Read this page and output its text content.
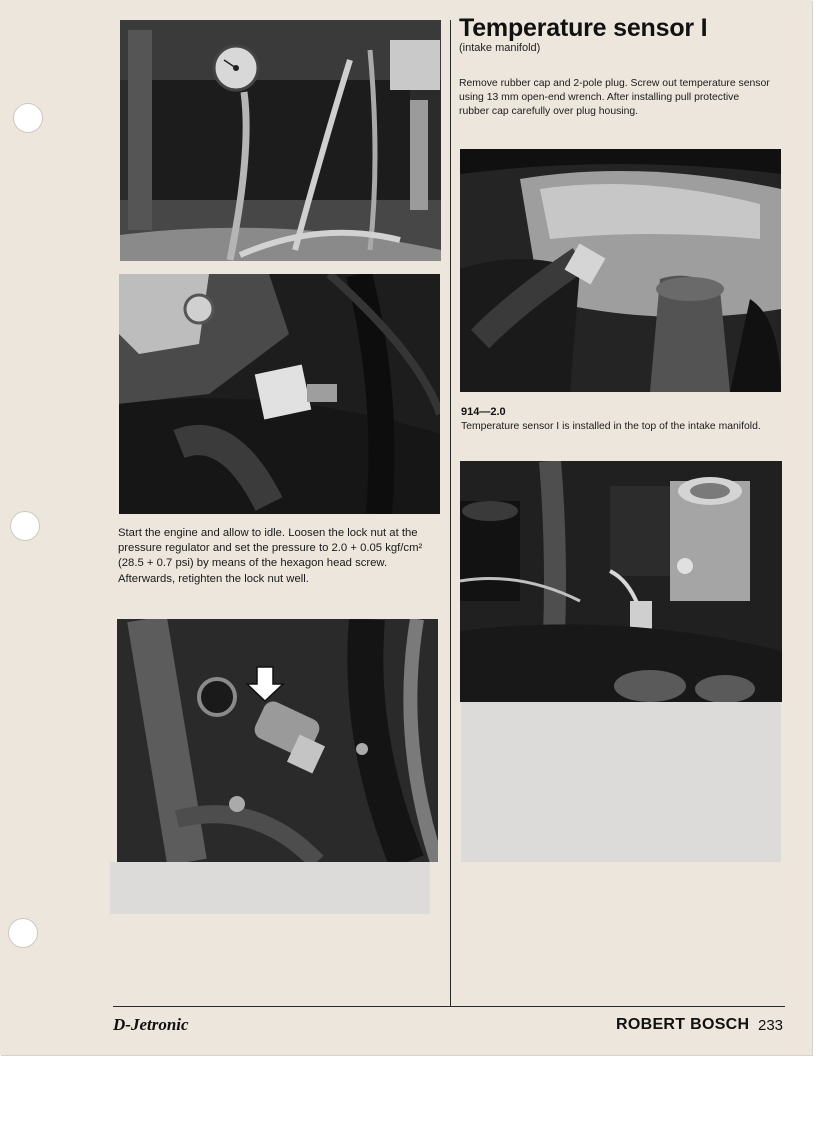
Temperature sensor I
(intake manifold)

Remove rubber cap and 2-pole plug. Screw out temperature sensor using 13 mm open-end wrench. After installing pull protective rubber cap carefully over plug housing.

914—2.0

Temperature sensor I is installed in the top of the intake manifold.

Start the engine and allow to idle. Loosen the lock nut at the pressure regulator and set the pressure to 2.0 + 0.05 kgf/cm² (28.5 + 0.7 psi) by means of the hexagon head screw.

Afterwards, retighten the lock nut well.

D-Jetronic	ROBERT BOSCH 233
